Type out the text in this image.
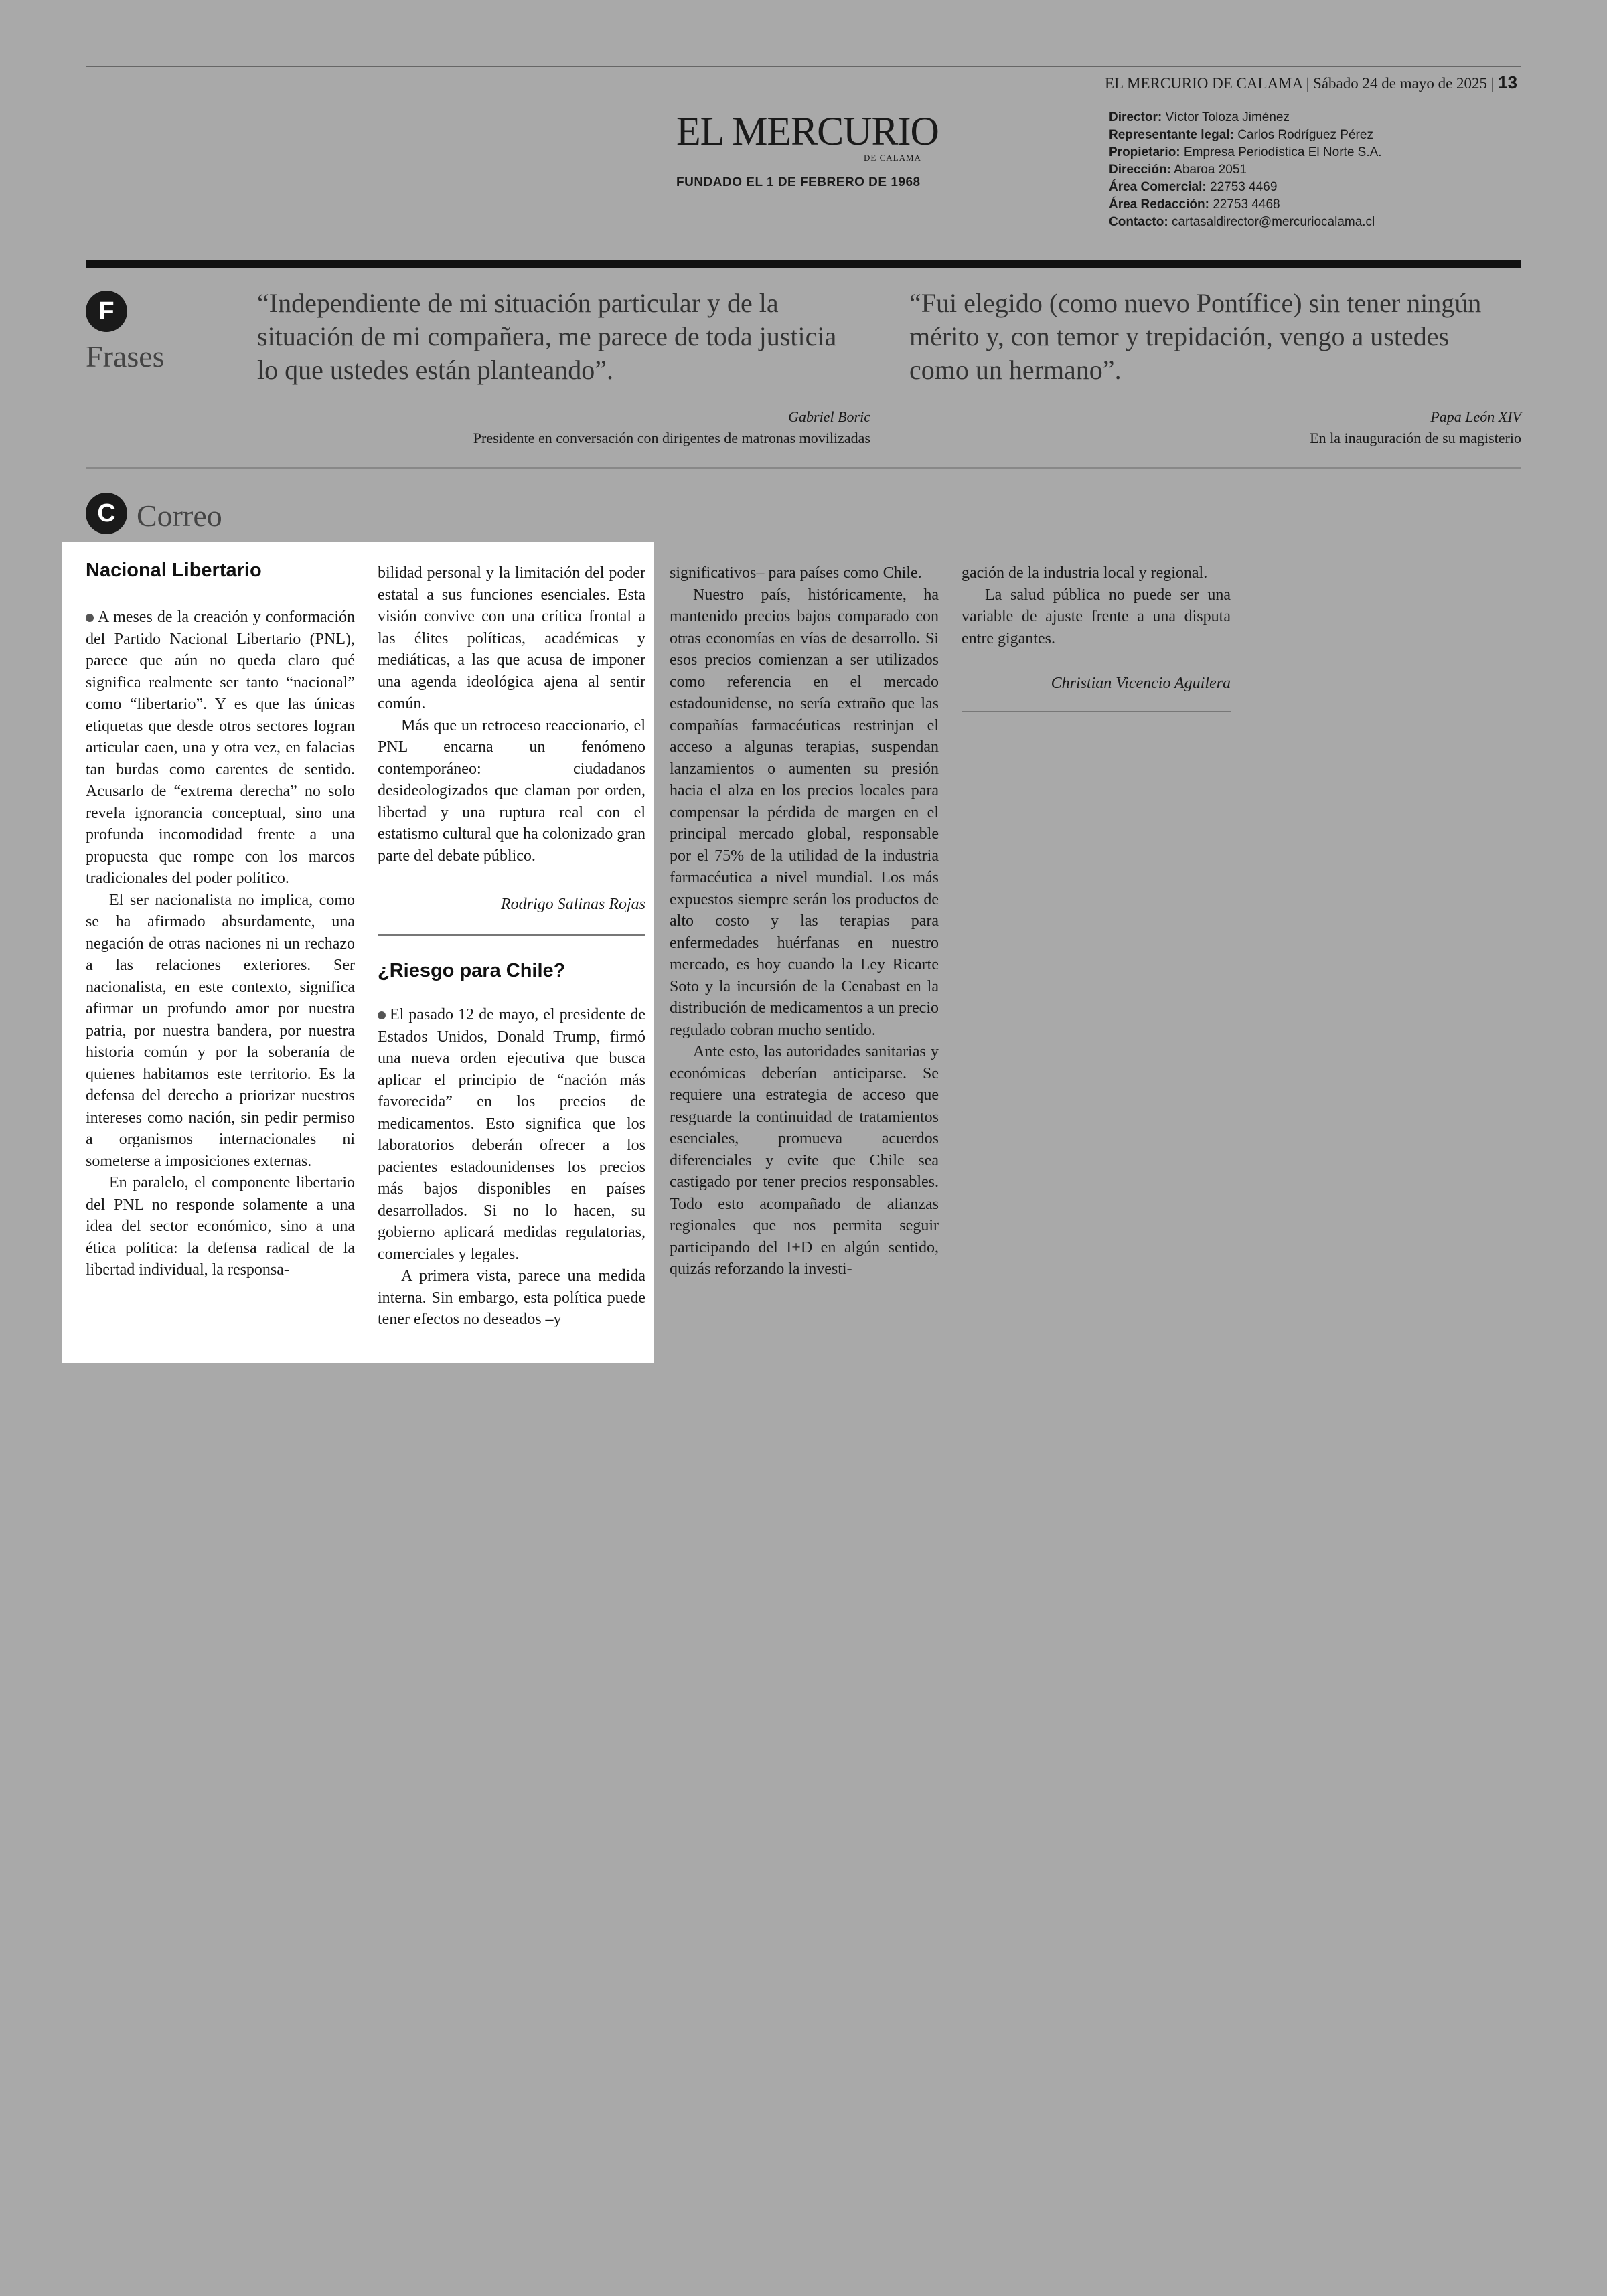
EL MERCURIO DE CALAMA | Sábado 24 de mayo de 2025 | 13
EL MERCURIO
DE CALAMA
FUNDADO EL 1 DE FEBRERO DE 1968
Director: Víctor Toloza Jiménez
Representante legal: Carlos Rodríguez Pérez
Propietario: Empresa Periodística El Norte S.A.
Dirección: Abaroa 2051
Área Comercial: 22753 4469
Área Redacción: 22753 4468
Contacto: cartasaldirector@mercuriocalama.cl
F
Frases
“Independiente de mi situación particular y de la situación de mi compañera, me parece de toda justicia lo que ustedes están planteando”.
Gabriel Boric
Presidente en conversación con dirigentes de matronas movilizadas
“Fui elegido (como nuevo Pontífice) sin tener ningún mérito y, con temor y trepidación, vengo a ustedes como un hermano”.
Papa León XIV
En la inauguración de su magisterio
C Correo
Nacional Libertario

A meses de la creación y conformación del Partido Nacional Libertario (PNL), parece que aún no queda claro qué significa realmente ser tanto “nacional” como “libertario”. Y es que las únicas etiquetas que desde otros sectores logran articular caen, una y otra vez, en falacias tan burdas como carentes de sentido. Acusarlo de “extrema derecha” no solo revela ignorancia conceptual, sino una profunda incomodidad frente a una propuesta que rompe con los marcos tradicionales del poder político.

El ser nacionalista no implica, como se ha afirmado absurdamente, una negación de otras naciones ni un rechazo a las relaciones exteriores. Ser nacionalista, en este contexto, significa afirmar un profundo amor por nuestra patria, por nuestra bandera, por nuestra historia común y por la soberanía de quienes habitamos este territorio. Es la defensa del derecho a priorizar nuestros intereses como nación, sin pedir permiso a organismos internacionales ni someterse a imposiciones externas.

En paralelo, el componente libertario del PNL no responde solamente a una idea del sector económico, sino a una ética política: la defensa radical de la libertad individual, la responsa-

bilidad personal y la limitación del poder estatal a sus funciones esenciales. Esta visión convive con una crítica frontal a las élites políticas, académicas y mediáticas, a las que acusa de imponer una agenda ideológica ajena al sentir común.

Más que un retroceso reaccionario, el PNL encarna un fenómeno contemporáneo: ciudadanos desideologizados que claman por orden, libertad y una ruptura real con el estatismo cultural que ha colonizado gran parte del debate público.

Rodrigo Salinas Rojas
¿Riesgo para Chile?

El pasado 12 de mayo, el presidente de Estados Unidos, Donald Trump, firmó una nueva orden ejecutiva que busca aplicar el principio de “nación más favorecida” en los precios de medicamentos. Esto significa que los laboratorios deberán ofrecer a los pacientes estadounidenses los precios más bajos disponibles en países desarrollados. Si no lo hacen, su gobierno aplicará medidas regulatorias, comerciales y legales.

A primera vista, parece una medida interna. Sin embargo, esta política puede tener efectos no deseados –y

significativos– para países como Chile.

Nuestro país, históricamente, ha mantenido precios bajos comparado con otras economías en vías de desarrollo. Si esos precios comienzan a ser utilizados como referencia en el mercado estadounidense, no sería extraño que las compañías farmacéuticas restrinjan el acceso a algunas terapias, suspendan lanzamientos o aumenten su presión hacia el alza en los precios locales para compensar la pérdida de margen en el principal mercado global, responsable por el 75% de la utilidad de la industria farmacéutica a nivel mundial. Los más expuestos siempre serán los productos de alto costo y las terapias para enfermedades huérfanas en nuestro mercado, es hoy cuando la Ley Ricarte Soto y la incursión de la Cenabast en la distribución de medicamentos a un precio regulado cobran mucho sentido.

Ante esto, las autoridades sanitarias y económicas deberían anticiparse. Se requiere una estrategia de acceso que resguarde la continuidad de tratamientos esenciales, promueva acuerdos diferenciales y evite que Chile sea castigado por tener precios responsables. Todo esto acompañado de alianzas regionales que nos permita seguir participando del I+D en algún sentido, quizás reforzando la investi-

gación de la industria local y regional.

La salud pública no puede ser una variable de ajuste frente a una disputa entre gigantes.

Christian Vicencio Aguilera
